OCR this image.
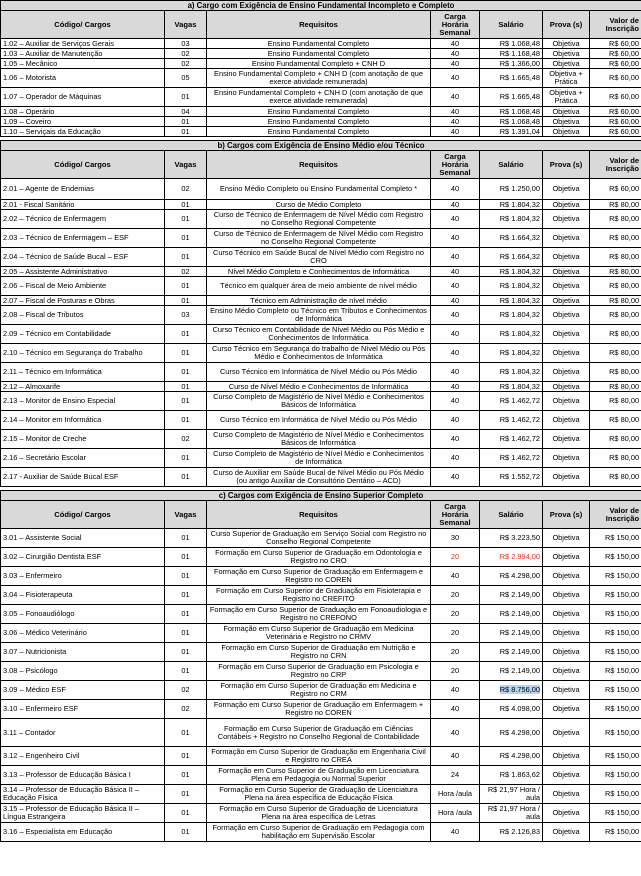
a) Cargo com Exigência de Ensino Fundamental Incompleto e Completo						
Código/ Cargos	Vagas	Requisitos	Carga Horária Semanal	Salário	Prova (s)	Valor de Inscrição
1.02 – Auxiliar de Serviços Gerais	03	Ensino Fundamental Completo	40	R$ 1.068,48	Objetiva	R$ 60,00
1.03 – Auxiliar de Manutenção	02	Ensino Fundamental Completo	40	R$ 1.168,48	Objetiva	R$ 60,00
1.05 – Mecânico	02	Ensino Fundamental Completo + CNH D	40	R$ 1.366,00	Objetiva	R$ 60,00
1.06 – Motorista	05	Ensino Fundamental Completo + CNH D (com anotação de que exerce atividade remunerada)	40	R$ 1.665,48	Objetiva + Prática	R$ 60,00
1.07 – Operador de Máquinas	01	Ensino Fundamental Completo + CNH D (com anotação de que exerce atividade remunerada)	40	R$ 1.665,48	Objetiva + Prática	R$ 60,00
1.08 – Operário	04	Ensino Fundamental Completo	40	R$ 1.068,48	Objetiva	R$ 60,00
1.09 – Coveiro	01	Ensino Fundamental Completo	40	R$ 1.068,48	Objetiva	R$ 60,00
1.10 – Serviçais da Educação	01	Ensino Fundamental Completo	40	R$ 1.391,04	Objetiva	R$ 60,00
b) Cargos com Exigência de Ensino Médio e/ou Técnico						
Código/ Cargos	Vagas	Requisitos	Carga Horária Semanal	Salário	Prova (s)	Valor de Inscrição
2.01 – Agente de Endemias	02	Ensino Médio Completo ou Ensino Fundamental Completo *	40	R$ 1.250,00	Objetiva	R$ 60,00
2.01 - Fiscal Sanitário	01	Curso de Médio Completo	40	R$ 1.804,32	Objetiva	R$ 80,00
2.02 – Técnico de Enfermagem	01	Curso de Técnico de Enfermagem de Nível Médio com Registro no Conselho Regional Competente	40	R$ 1.804,32	Objetiva	R$ 80,00
2.03 – Técnico de Enfermagem – ESF	01	Curso de Técnico de Enfermagem de Nível Médio com Registro no Conselho Regional Competente	40	R$ 1.664,32	Objetiva	R$ 80,00
2.04 – Técnico de Saúde Bucal – ESF	01	Curso Técnico em Saúde Bucal de Nível Médio com Registro no CRO	40	R$ 1.664,32	Objetiva	R$ 80,00
2.05 – Assistente Administrativo	02	Nível Médio Completo e Conhecimentos de Informática	40	R$ 1.804,32	Objetiva	R$ 80,00
2.06 – Fiscal de Meio Ambiente	01	Técnico em qualquer área de meio ambiente de nível médio	40	R$ 1.804,32	Objetiva	R$ 80,00
2.07 – Fiscal de Posturas e Obras	01	Técnico em Administração de nível médio	40	R$ 1.804,32	Objetiva	R$ 80,00
2.08 – Fiscal de Tributos	03	Ensino Médio Completo ou Técnico em Tributos e Conhecimentos de Informática	40	R$ 1.804,32	Objetiva	R$ 80,00
2.09 – Técnico em Contabilidade	01	Curso Técnico em Contabilidade de Nível Médio ou Pós Médio e Conhecimentos de Informática	40	R$ 1.804,32	Objetiva	R$ 80,00
2.10 – Técnico em Segurança do Trabalho	01	Curso Técnico em Segurança do trabalho de Nível Médio ou Pós Médio e Conhecimentos de Informática	40	R$ 1.804,32	Objetiva	R$ 80,00
2.11 – Técnico em Informática	01	Curso Técnico em Informática de Nível Médio ou Pós Médio	40	R$ 1.804,32	Objetiva	R$ 80,00
2.12 – Almoxarife	01	Curso de Nível Médio e Conhecimentos de Informática	40	R$ 1.804,32	Objetiva	R$ 80,00
2.13 – Monitor de Ensino Especial	01	Curso Completo de Magistério de Nível Médio e Conhecimentos Básicos de Informática	40	R$ 1.462,72	Objetiva	R$ 80,00
2.14 – Monitor em Informática	01	Curso Técnico em Informática de Nível Médio ou Pós Médio	40	R$ 1.462,72	Objetiva	R$ 80,00
2.15 – Monitor de Creche	02	Curso Completo de Magistério de Nível Médio e Conhecimentos Básicos de Informática	40	R$ 1.462,72	Objetiva	R$ 80,00
2.16 – Secretário Escolar	01	Curso Completo de Magistério de Nível Médio e Conhecimentos de Informática	40	R$ 1.462,72	Objetiva	R$ 80,00
2.17 - Auxiliar de Saúde Bucal ESF	01	Curso de Auxiliar em Saúde Bucal de Nível Médio ou Pós Médio (ou antigo Auxiliar de Consultório Dentário – ACD)	40	R$ 1.552,72	Objetiva	R$ 80,00
c) Cargos com Exigência de Ensino Superior Completo						
Código/ Cargos	Vagas	Requisitos	Carga Horária Semanal	Salário	Prova (s)	Valor de Inscrição
3.01 – Assistente Social	01	Curso Superior de Graduação em Serviço Social com Registro no Conselho Regional Competente	30	R$ 3.223,50	Objetiva	R$ 150,00
3.02 – Cirurgião Dentista ESF	01	Formação em Curso Superior de Graduação em Odontologia e Registro no CRO	20	R$ 2.994,00	Objetiva	R$ 150,00
3.03 – Enfermeiro	01	Formação em Curso Superior de Graduação em Enfermagem e Registro no COREN	40	R$ 4.298,00	Objetiva	R$ 150,00
3.04 – Fisioterapeuta	01	Formação em Curso Superior de Graduação em Fisioterapia e Registro no CREFITO	20	R$ 2.149,00	Objetiva	R$ 150,00
3.05 – Fonoaudiólogo	01	Formação em Curso Superior de Graduação em Fonoaudiologia e Registro no CREFONO	20	R$ 2.149,00	Objetiva	R$ 150,00
3.06 – Médico Veterinário	01	Formação em Curso Superior de Graduação em Medicina Veterinária e Registro no CRMV	20	R$ 2.149,00	Objetiva	R$ 150,00
3.07 – Nutricionista	01	Formação em Curso Superior de Graduação em Nutrição e Registro no CRN	20	R$ 2.149,00	Objetiva	R$ 150,00
3.08 – Psicólogo	01	Formação em Curso Superior de Graduação em Psicologia e Registro no CRP	20	R$ 2.149,00	Objetiva	R$ 150,00
3.09 – Médico ESF	02	Formação em Curso Superior de Graduação em Medicina e Registro no CRM	40	R$ 8.756,00	Objetiva	R$ 150,00
3.10 – Enfermeiro ESF	02	Formação em Curso Superior de Graduação em Enfermagem + Registro no COREN	40	R$ 4.098,00	Objetiva	R$ 150,00
3.11 – Contador	01	Formação em Curso Superior de Graduação em Ciências Contábeis + Registro no Conselho Regional de Contabilidade	40	R$ 4.298,00	Objetiva	R$ 150,00
3.12 – Engenheiro Civil	01	Formação em Curso Superior de Graduação em Engenharia Civil e Registro no CREA	40	R$ 4.298,00	Objetiva	R$ 150,00
3.13 – Professor de Educação Básica I	01	Formação em Curso Superior de Graduação em Licenciatura Plena em Pedagogia ou Normal Superior	24	R$ 1.863,62	Objetiva	R$ 150,00
3.14 – Professor de Educação Básica II – Educação Física	01	Formação em Curso Superior de Graduação de Licenciatura Plena na área específica de Educação Física	Hora /aula	R$ 21,97 Hora / aula	Objetiva	R$ 150,00
3.15 – Professor de Educação Básica II – Língua Estrangeira	01	Formação em Curso Superior de Graduação de Licenciatura Plena na área específica de Letras	Hora /aula	R$ 21,97 Hora / aula	Objetiva	R$ 150,00
3.16 – Especialista em Educação	01	Formação em Curso Superior de Graduação em Pedagogia com habilitação em Supervisão Escolar	40	R$ 2.126,83	Objetiva	R$ 150,00
